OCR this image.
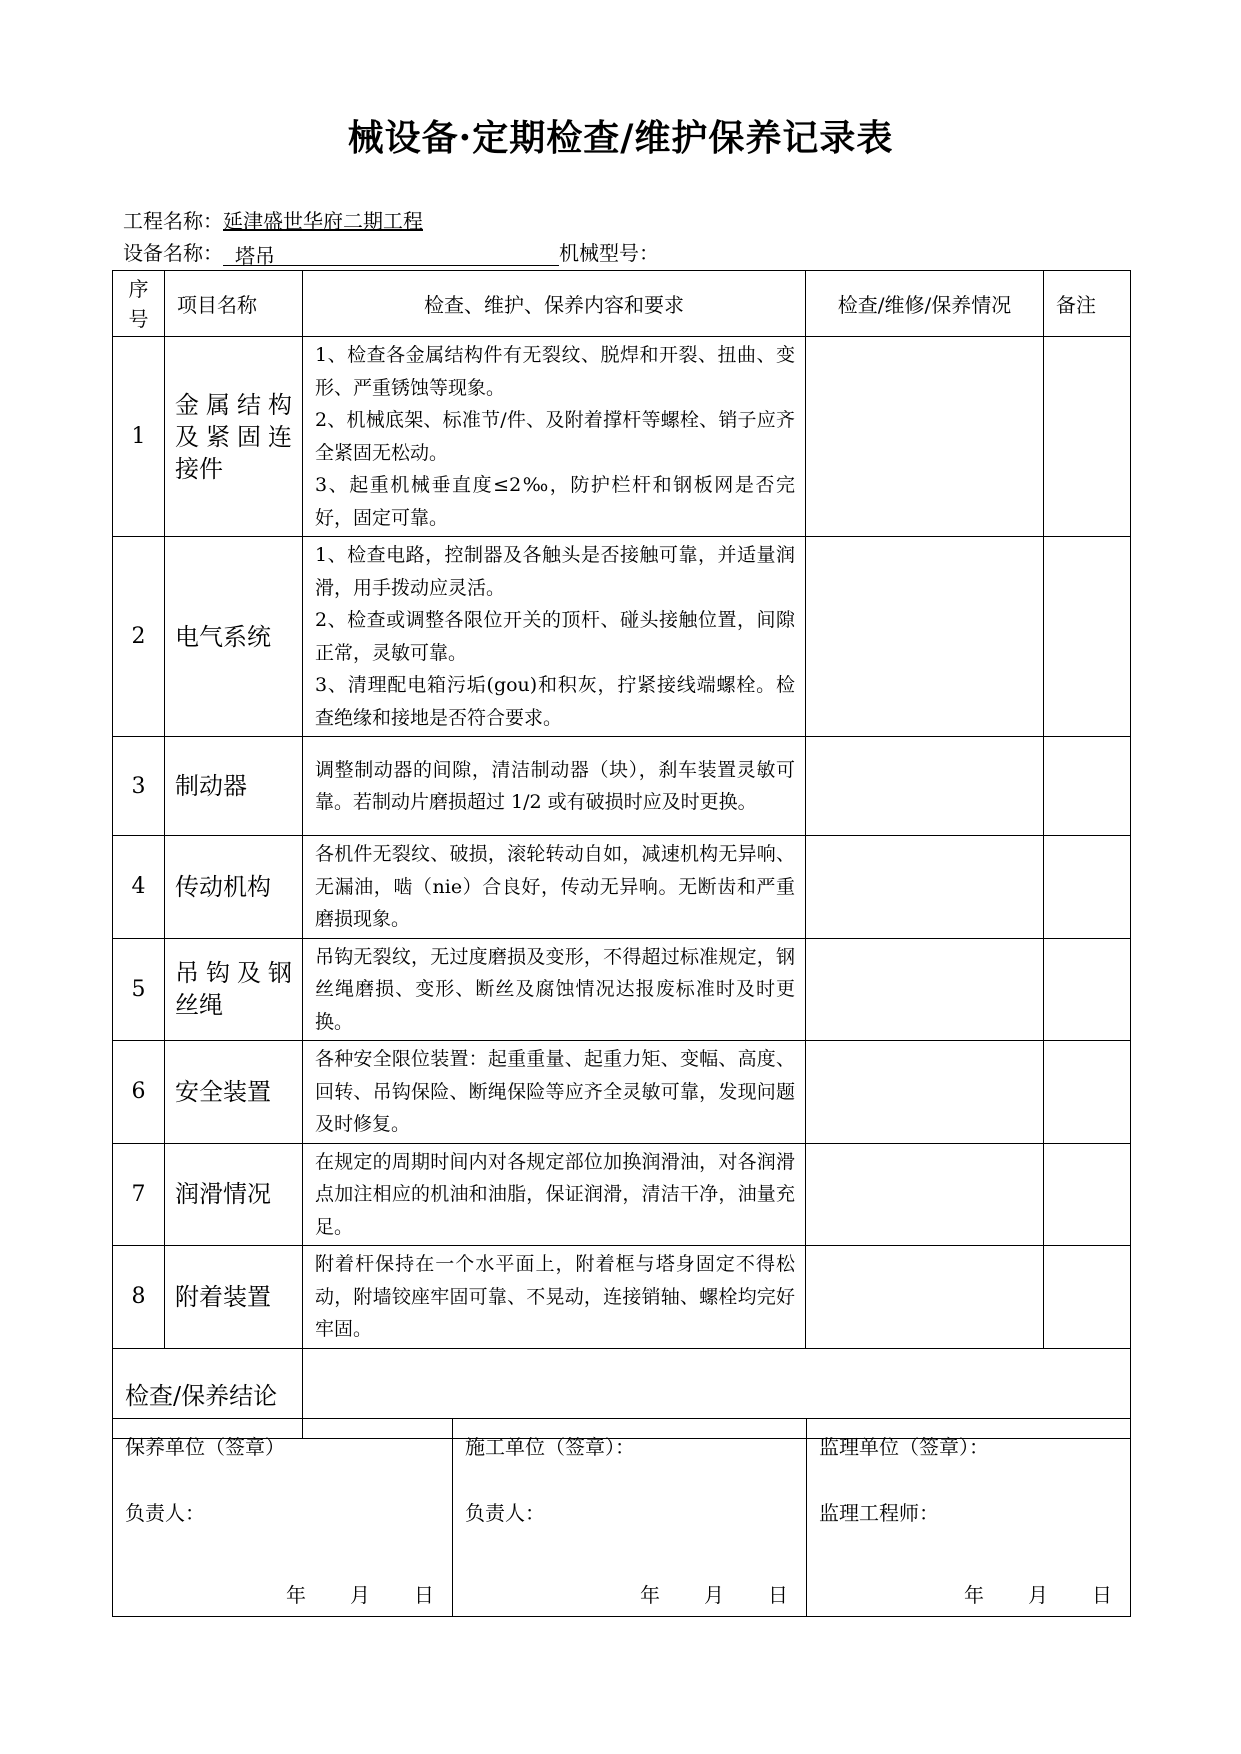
械设备·定期检查/维护保养记录表
工程名称：延津盛世华府二期工程
设备名称： 塔吊	机械型号：
序
号	项目名称	检查、维护、保养内容和要求	检查/维修/保养情况	备注
1	金属结构及紧固连接件	1、检查各金属结构件有无裂纹、脱焊和开裂、扭曲、变形、严重锈蚀等现象。
2、机械底架、标准节/件、及附着撑杆等螺栓、销子应齐全紧固无松动。
3、起重机械垂直度≤2‰，防护栏杆和钢板网是否完好，固定可靠。		

2	电气系统	1、检查电路，控制器及各触头是否接触可靠，并适量润滑，用手拨动应灵活。
2、检查或调整各限位开关的顶杆、碰头接触位置，间隙正常，灵敏可靠。
3、清理配电箱污垢(gou)和积灰，拧紧接线端螺栓。检查绝缘和接地是否符合要求。		

3	制动器	调整制动器的间隙，清洁制动器（块），刹车装置灵敏可靠。若制动片磨损超过 1/2 或有破损时应及时更换。		
4	传动机构	各机件无裂纹、破损，滚轮转动自如，减速机构无异响、无漏油，啮（nie）合良好，传动无异响。无断齿和严重磨损现象。		
5	吊钩及钢丝绳	吊钩无裂纹，无过度磨损及变形，不得超过标准规定，钢丝绳磨损、变形、断丝及腐蚀情况达报废标准时及时更换。		
6	安全装置	各种安全限位装置：起重重量、起重力矩、变幅、高度、回转、吊钩保险、断绳保险等应齐全灵敏可靠，发现问题及时修复。		
7	润滑情况	在规定的周期时间内对各规定部位加换润滑油，对各润滑点加注相应的机油和油脂，保证润滑，清洁干净，油量充足。		
8	附着装置	附着杆保持在一个水平面上，附着框与塔身固定不得松动，附墙铰座牢固可靠、不晃动，连接销轴、螺栓均完好牢固。		
检查/保养结论				
保养单位（签章）
负责人：
年 月 日

施工单位（签章）：
负责人：
年 月 日

监理单位（签章）：
监理工程师：
年 月 日
